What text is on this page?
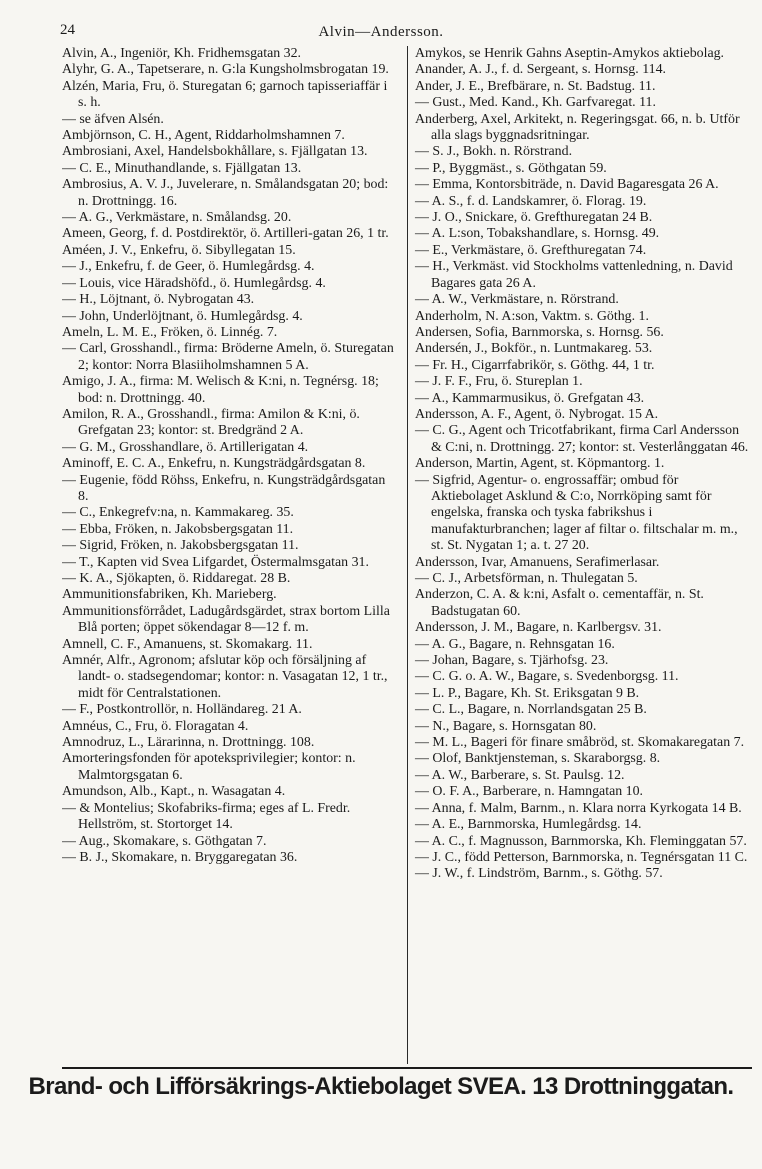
24	Alvin—Andersson.

Alvin, A., Ingeniör, Kh. Fridhemsgatan 32.

Alyhr, G. A., Tapetserare, n. G:la Kungsholmsbrogatan 19.

Alzén, Maria, Fru, ö. Sturegatan 6; garnoch tapisseriaffär i s. h.

— se äfven Alsén.

Ambjörnson, C. H., Agent, Riddarholmshamnen 7.

Ambrosiani, Axel, Handelsbokhållare, s. Fjällgatan 13.

— C. E., Minuthandlande, s. Fjällgatan 13.

Ambrosius, A. V. J., Juvelerare, n. Smålandsgatan 20; bod: n. Drottningg. 16.

— A. G., Verkmästare, n. Smålandsg. 20.

Ameen, Georg, f. d. Postdirektör, ö. Artilleri-gatan 26, 1 tr.

Améen, J. V., Enkefru, ö. Sibyllegatan 15.

— J., Enkefru, f. de Geer, ö. Humlegårdsg. 4.

— Louis, vice Häradshöfd., ö. Humlegårdsg. 4.

— H., Löjtnant, ö. Nybrogatan 43.

— John, Underlöjtnant, ö. Humlegårdsg. 4.

Ameln, L. M. E., Fröken, ö. Linnég. 7.

— Carl, Grosshandl., firma: Bröderne Ameln, ö. Sturegatan 2; kontor: Norra Blasiiholmshamnen 5 A.

Amigo, J. A., firma: M. Welisch & K:ni, n. Tegnérsg. 18; bod: n. Drottningg. 40.

Amilon, R. A., Grosshandl., firma: Amilon & K:ni, ö. Grefgatan 23; kontor: st. Bredgränd 2 A.

— G. M., Grosshandlare, ö. Artillerigatan 4.

Aminoff, E. C. A., Enkefru, n. Kungsträdgårdsgatan 8.

— Eugenie, född Röhss, Enkefru, n. Kungsträdgårdsgatan 8.

— C., Enkegrefv:na, n. Kammakareg. 35.

— Ebba, Fröken, n. Jakobsbergsgatan 11.

— Sigrid, Fröken, n. Jakobsbergsgatan 11.

— T., Kapten vid Svea Lifgardet, Östermalmsgatan 31.

— K. A., Sjökapten, ö. Riddaregat. 28 B.

Ammunitionsfabriken, Kh. Marieberg.

Ammunitionsförrådet, Ladugårdsgärdet, strax bortom Lilla Blå porten; öppet sökendagar 8—12 f. m.

Amnell, C. F., Amanuens, st. Skomakarg. 11.

Amnér, Alfr., Agronom; afslutar köp och försäljning af landt- o. stadsegendomar; kontor: n. Vasagatan 12, 1 tr., midt för Centralstationen.

— F., Postkontrollör, n. Holländareg. 21 A.

Amnéus, C., Fru, ö. Floragatan 4.

Amnodruz, L., Lärarinna, n. Drottningg. 108.

Amorteringsfonden för apoteksprivilegier; kontor: n. Malmtorgsgatan 6.

Amundson, Alb., Kapt., n. Wasagatan 4.

— & Montelius; Skofabriks-firma; eges af L. Fredr. Hellström, st. Stortorget 14.

— Aug., Skomakare, s. Göthgatan 7.

— B. J., Skomakare, n. Bryggaregatan 36.

Amykos, se Henrik Gahns Aseptin-Amykos aktiebolag.

Anander, A. J., f. d. Sergeant, s. Hornsg. 114.

Ander, J. E., Brefbärare, n. St. Badstug. 11.

— Gust., Med. Kand., Kh. Garfvaregat. 11.

Anderberg, Axel, Arkitekt, n. Regeringsgat. 66, n. b. Utför alla slags byggnadsritningar.

— S. J., Bokh. n. Rörstrand.

— P., Byggmäst., s. Göthgatan 59.

— Emma, Kontorsbiträde, n. David Bagaresgata 26 A.

— A. S., f. d. Landskamrer, ö. Florag. 19.

— J. O., Snickare, ö. Grefthuregatan 24 B.

— A. L:son, Tobakshandlare, s. Hornsg. 49.

— E., Verkmästare, ö. Grefthuregatan 74.

— H., Verkmäst. vid Stockholms vattenledning, n. David Bagares gata 26 A.

— A. W., Verkmästare, n. Rörstrand.

Anderholm, N. A:son, Vaktm. s. Göthg. 1.

Andersen, Sofia, Barnmorska, s. Hornsg. 56.

Andersén, J., Bokför., n. Luntmakareg. 53.

— Fr. H., Cigarrfabrikör, s. Göthg. 44, 1 tr.

— J. F. F., Fru, ö. Stureplan 1.

— A., Kammarmusikus, ö. Grefgatan 43.

Andersson, A. F., Agent, ö. Nybrogat. 15 A.

— C. G., Agent och Tricotfabrikant, firma Carl Andersson & C:ni, n. Drottningg. 27; kontor: st. Vesterlånggatan 46.

Anderson, Martin, Agent, st. Köpmantorg. 1.

— Sigfrid, Agentur- o. engrossaffär; ombud för Aktiebolaget Asklund & C:o, Norrköping samt för engelska, franska och tyska fabrikshus i manufakturbranchen; lager af filtar o. filtschalar m. m., st. St. Nygatan 1; a. t. 27 20.

Andersson, Ivar, Amanuens, Serafimerlasar.

— C. J., Arbetsförman, n. Thulegatan 5.

Anderzon, C. A. & k:ni, Asfalt o. cementaffär, n. St. Badstugatan 60.

Andersson, J. M., Bagare, n. Karlbergsv. 31.

— A. G., Bagare, n. Rehnsgatan 16.

— Johan, Bagare, s. Tjärhofsg. 23.

— C. G. o. A. W., Bagare, s. Svedenborgsg. 11.

— L. P., Bagare, Kh. St. Eriksgatan 9 B.

— C. L., Bagare, n. Norrlandsgatan 25 B.

— N., Bagare, s. Hornsgatan 80.

— M. L., Bageri för finare småbröd, st. Skomakaregatan 7.

— Olof, Banktjensteman, s. Skaraborgsg. 8.

— A. W., Barberare, s. St. Paulsg. 12.

— O. F. A., Barberare, n. Hamngatan 10.

— Anna, f. Malm, Barnm., n. Klara norra Kyrkogata 14 B.

— A. E., Barnmorska, Humlegårdsg. 14.

— A. C., f. Magnusson, Barnmorska, Kh. Fleminggatan 57.

— J. C., född Petterson, Barnmorska, n. Tegnérsgatan 11 C.

— J. W., f. Lindström, Barnm., s. Göthg. 57.

Brand- och Lifförsäkrings-Aktiebolaget SVEA. 13 Drottninggatan.
